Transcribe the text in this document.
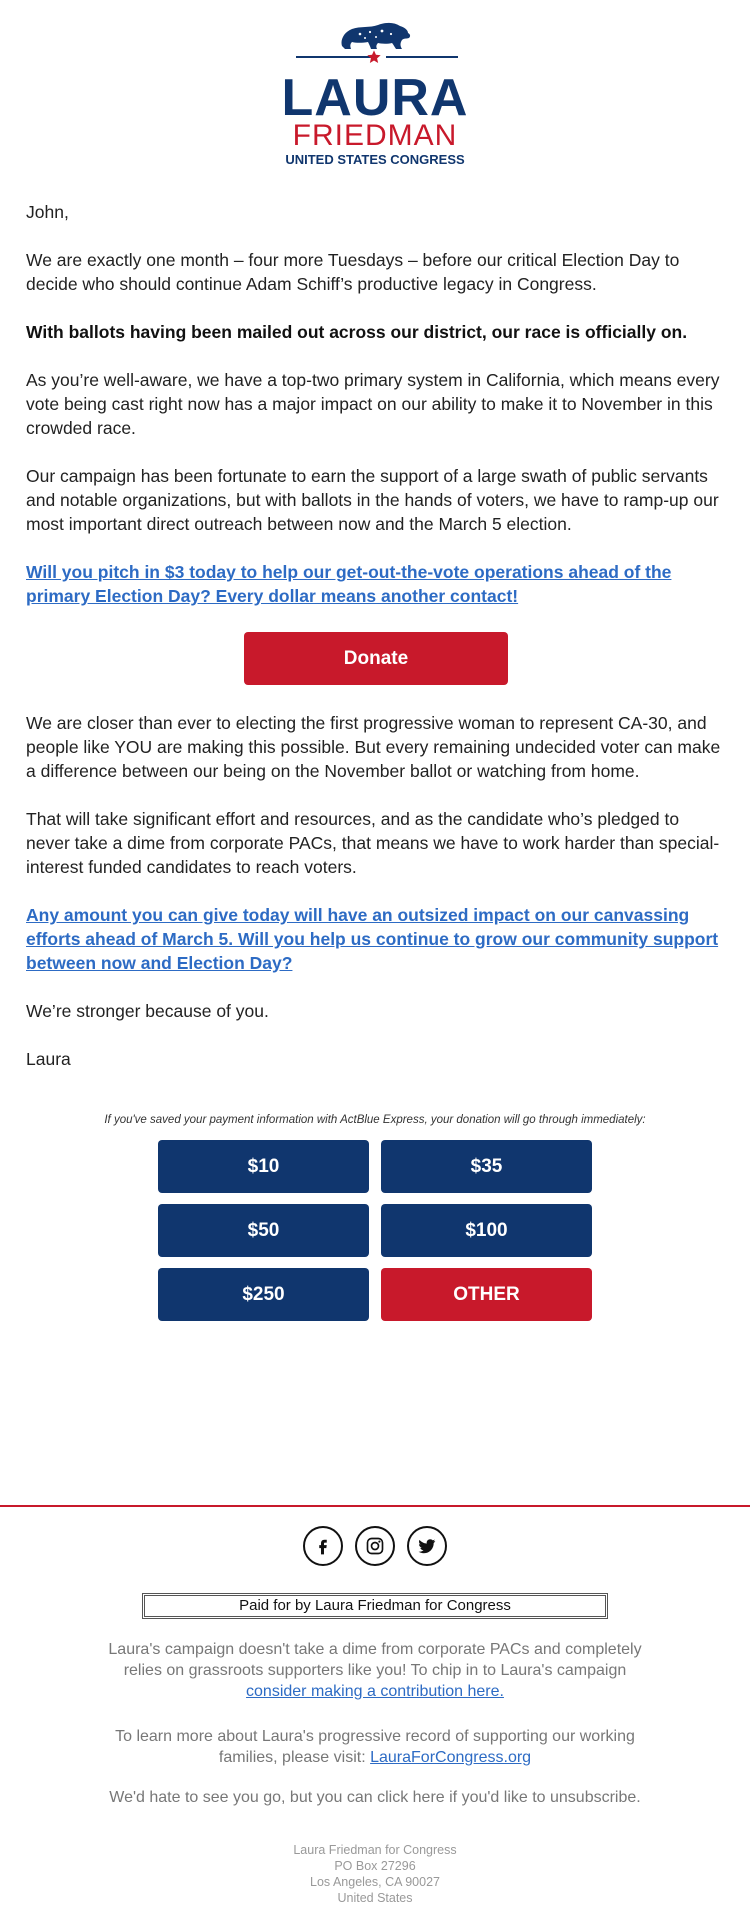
LAURA
FRIEDMAN
UNITED STATES CONGRESS

John,

We are exactly one month – four more Tuesdays – before our critical Election Day to decide who should continue Adam Schiff’s productive legacy in Congress.

With ballots having been mailed out across our district, our race is officially on.

As you’re well-aware, we have a top-two primary system in California, which means every vote being cast right now has a major impact on our ability to make it to November in this crowded race.

Our campaign has been fortunate to earn the support of a large swath of public servants and notable organizations, but with ballots in the hands of voters, we have to ramp-up our most important direct outreach between now and the March 5 election.

Will you pitch in $3 today to help our get-out-the-vote operations ahead of the primary Election Day? Every dollar means another contact!

Donate

We are closer than ever to electing the first progressive woman to represent CA-30, and people like YOU are making this possible. But every remaining undecided voter can make a difference between our being on the November ballot or watching from home.

That will take significant effort and resources, and as the candidate who’s pledged to never take a dime from corporate PACs, that means we have to work harder than special-interest funded candidates to reach voters.

Any amount you can give today will have an outsized impact on our canvassing efforts ahead of March 5. Will you help us continue to grow our community support between now and Election Day?

We’re stronger because of you.

Laura

If you've saved your payment information with ActBlue Express, your donation will go through immediately:
$10	$35
$50	$100
$250	OTHER

Paid for by Laura Friedman for Congress
Laura's campaign doesn't take a dime from corporate PACs and completely relies on grassroots supporters like you! To chip in to Laura's campaign
consider making a contribution here.
To learn more about Laura's progressive record of supporting our working families, please visit: LauraForCongress.org
We'd hate to see you go, but you can click here if you'd like to unsubscribe.
Laura Friedman for Congress
PO Box 27296
Los Angeles, CA 90027
United States
